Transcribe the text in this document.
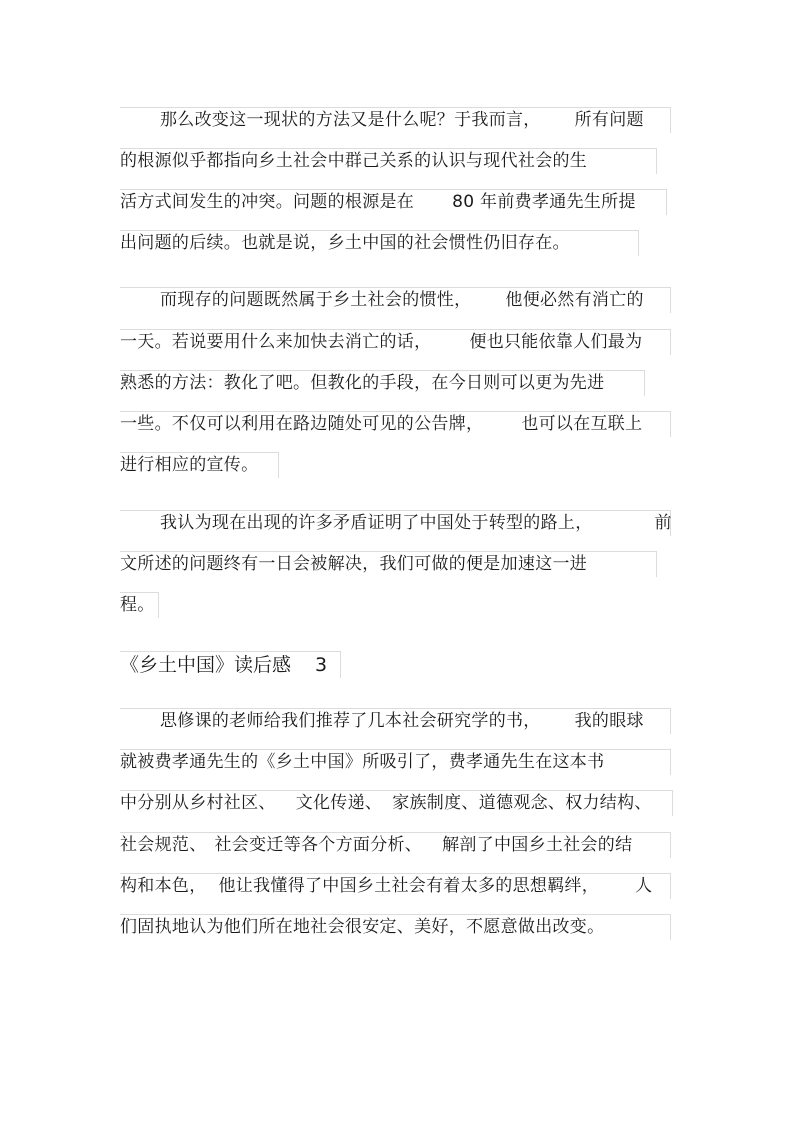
那么改变这一现状的方法又是什么呢？于我而言， 所有问题
的根源似乎都指向乡土社会中群己关系的认识与现代社会的生
活方式间发生的冲突。问题的根源是在 80 年前费孝通先生所提
出问题的后续。也就是说，乡土中国的社会惯性仍旧存在。
而现存的问题既然属于乡土社会的惯性， 他便必然有消亡的
一天。若说要用什么来加快去消亡的话， 便也只能依靠人们最为
熟悉的方法：教化了吧。但教化的手段，在今日则可以更为先进
一些。不仅可以利用在路边随处可见的公告牌， 也可以在互联上
进行相应的宣传。
我认为现在出现的许多矛盾证明了中国处于转型的路上，	前
文所述的问题终有一日会被解决，我们可做的便是加速这一进
程。
《乡土中国》读后感 3
思修课的老师给我们推荐了几本社会研究学的书， 我的眼球
就被费孝通先生的《乡土中国》所吸引了，费孝通先生在这本书
中分别从乡村社区、 文化传递、 家族制度、道德观念、权力结构、
社会规范、 社会变迁等各个方面分析、 解剖了中国乡土社会的结
构和本色， 他让我懂得了中国乡土社会有着太多的思想羁绊， 人
们固执地认为他们所在地社会很安定、美好，不愿意做出改变。
